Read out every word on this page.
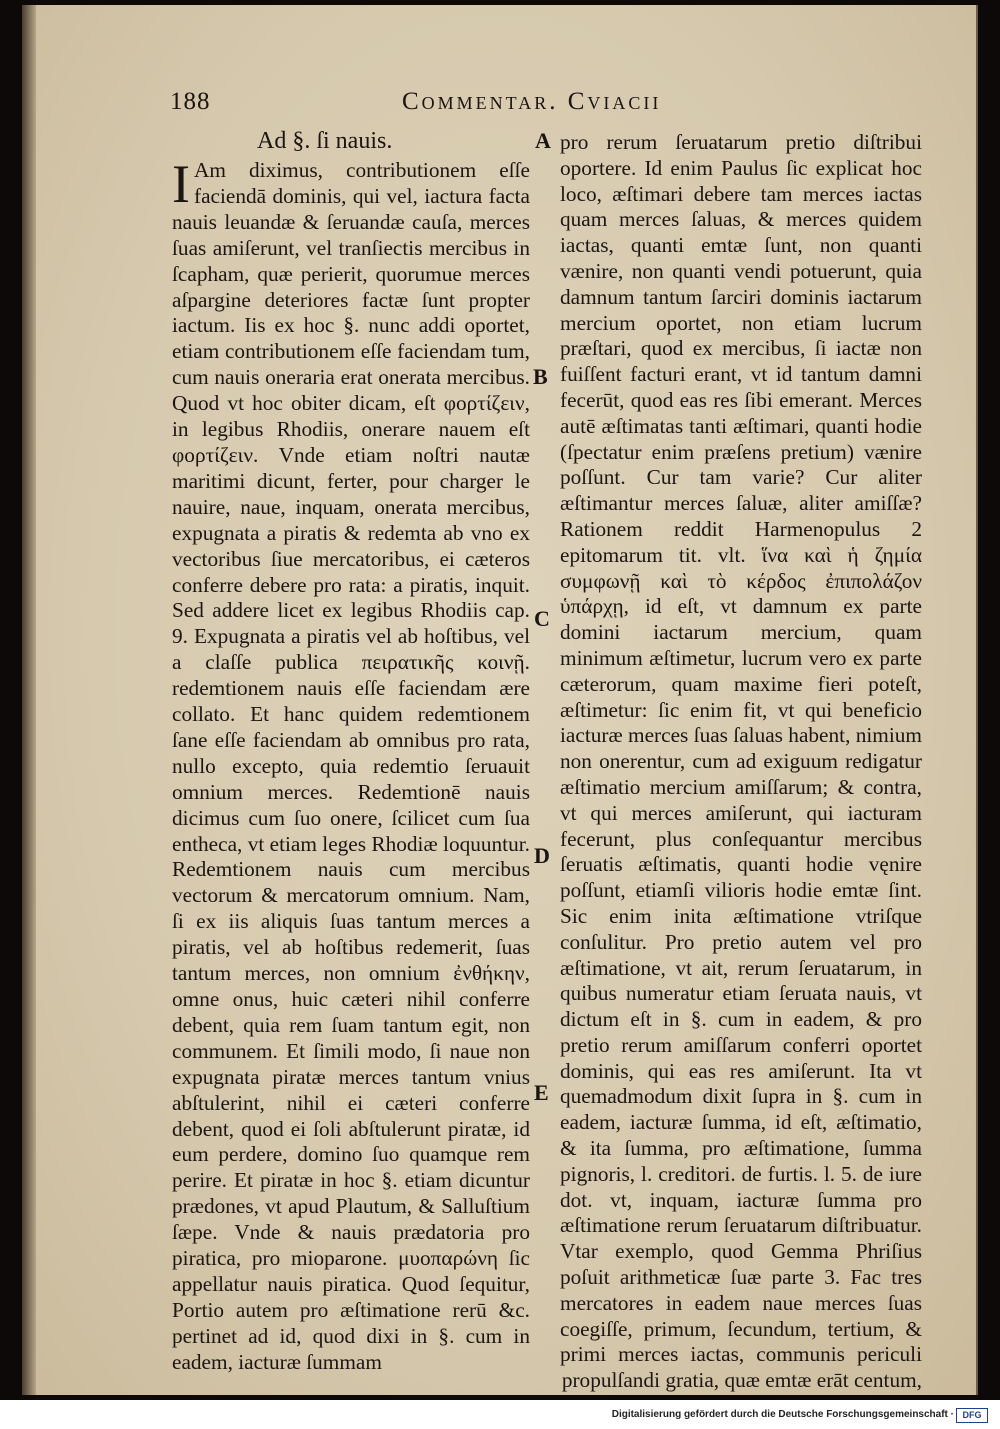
188	Commentar. Cviacii
Ad §. ſi nauis.	A
B
C
D
E
I Am diximus, contributionem eſſe faciendā dominis, qui vel, iactura facta nauis leuandæ & ſeruandæ cauſa, merces ſuas amiſerunt, vel tranſiectis mercibus in ſcapham, quæ perierit, quorumue merces aſpargine deteriores factæ ſunt propter iactum. Iis ex hoc §. nunc addi oportet, etiam contributionem eſſe faciendam tum, cum nauis oneraria erat onerata mercibus. Quod vt hoc obiter dicam, eſt φορτίζειν, in legibus Rhodiis, onerare nauem eſt φορτίζειν. Vnde etiam noſtri nautæ maritimi dicunt, ferter, pour charger le nauire, naue, inquam, onerata mercibus, expugnata a piratis & redemta ab vno ex vectoribus ſiue mercatoribus, ei cæteros conferre debere pro rata: a piratis, inquit. Sed addere licet ex legibus Rhodiis cap. 9. Expugnata a piratis vel ab hoſtibus, vel a claſſe publica πειρατικῆς κοινῇ. redemtionem nauis eſſe faciendam ære collato. Et hanc quidem redemtionem ſane eſſe faciendam ab omnibus pro rata, nullo excepto, quia redemtio ſeruauit omnium merces. Redemtionē nauis dicimus cum ſuo onere, ſcilicet cum ſua entheca, vt etiam leges Rhodiæ loquuntur. Redemtionem nauis cum mercibus vectorum & mercatorum omnium. Nam, ſi ex iis aliquis ſuas tantum merces a piratis, vel ab hoſtibus redemerit, ſuas tantum merces, non omnium ἐνθήκην, omne onus, huic cæteri nihil conferre debent, quia rem ſuam tantum egit, non communem. Et ſimili modo, ſi naue non expugnata piratæ merces tantum vnius abſtulerint, nihil ei cæteri conferre debent, quod ei ſoli abſtulerunt piratæ, id eum perdere, domino ſuo quamque rem perire. Et piratæ in hoc §. etiam dicuntur prædones, vt apud Plautum, & Salluſtium ſæpe. Vnde & nauis prædatoria pro piratica, pro mioparone. μυοπαρώνη ſic appellatur nauis piratica. Quod ſequitur, Portio autem pro æſtimatione rerū &c. pertinet ad id, quod dixi in §. cum in eadem, iacturæ ſummam

pro rerum ſeruatarum pretio diſtribui oportere. Id enim Paulus ſic explicat hoc loco, æſtimari debere tam merces iactas quam merces ſaluas, & merces quidem iactas, quanti emtæ ſunt, non quanti vænire, non quanti vendi potuerunt, quia damnum tantum ſarciri dominis iactarum mercium oportet, non etiam lucrum præſtari, quod ex mercibus, ſi iactæ non fuiſſent facturi erant, vt id tantum damni fecerūt, quod eas res ſibi emerant. Merces autē æſtimatas tanti æſtimari, quanti hodie (ſpectatur enim præſens pretium) vænire poſſunt. Cur tam varie? Cur aliter æſtimantur merces ſaluæ, aliter amiſſæ? Rationem reddit Harmenopulus 2 epitomarum tit. vlt. ἵνα καὶ ἡ ζημία συμφωνῇ καὶ τὸ κέρδος ἐπιπολάζον ὑπάρχῃ, id eſt, vt damnum ex parte domini iactarum mercium, quam minimum æſtimetur, lucrum vero ex parte cæterorum, quam maxime fieri poteſt, æſtimetur: ſic enim fit, vt qui beneficio iacturæ merces ſuas ſaluas habent, nimium non onerentur, cum ad exiguum redigatur æſtimatio mercium amiſſarum; & contra, vt qui merces amiſerunt, qui iacturam fecerunt, plus conſequantur mercibus ſeruatis æſtimatis, quanti hodie vęnire poſſunt, etiamſi vilioris hodie emtæ ſint. Sic enim inita æſtimatione vtriſque conſulitur. Pro pretio autem vel pro æſtimatione, vt ait, rerum ſeruatarum, in quibus numeratur etiam ſeruata nauis, vt dictum eſt in §. cum in eadem, & pro pretio rerum amiſſarum conferri oportet dominis, qui eas res amiſerunt. Ita vt quemadmodum dixit ſupra in §. cum in eadem, iacturæ ſumma, id eſt, æſtimatio, & ita ſumma, pro æſtimatione, ſumma pignoris, l. creditori. de furtis. l. 5. de iure dot. vt, inquam, iacturæ ſumma pro æſtimatione rerum ſeruatarum diſtribuatur. Vtar exemplo, quod Gemma Phriſius poſuit arithmeticæ ſuæ parte 3. Fac tres mercatores in eadem naue merces ſuas coegiſſe, primum, ſecundum, tertium, & primi merces iactas, communis periculi propulſandi gratia, quæ emtæ erāt centum,

Digitalisierung gefördert durch die Deutsche Forschungsgemeinschaft · DFG
